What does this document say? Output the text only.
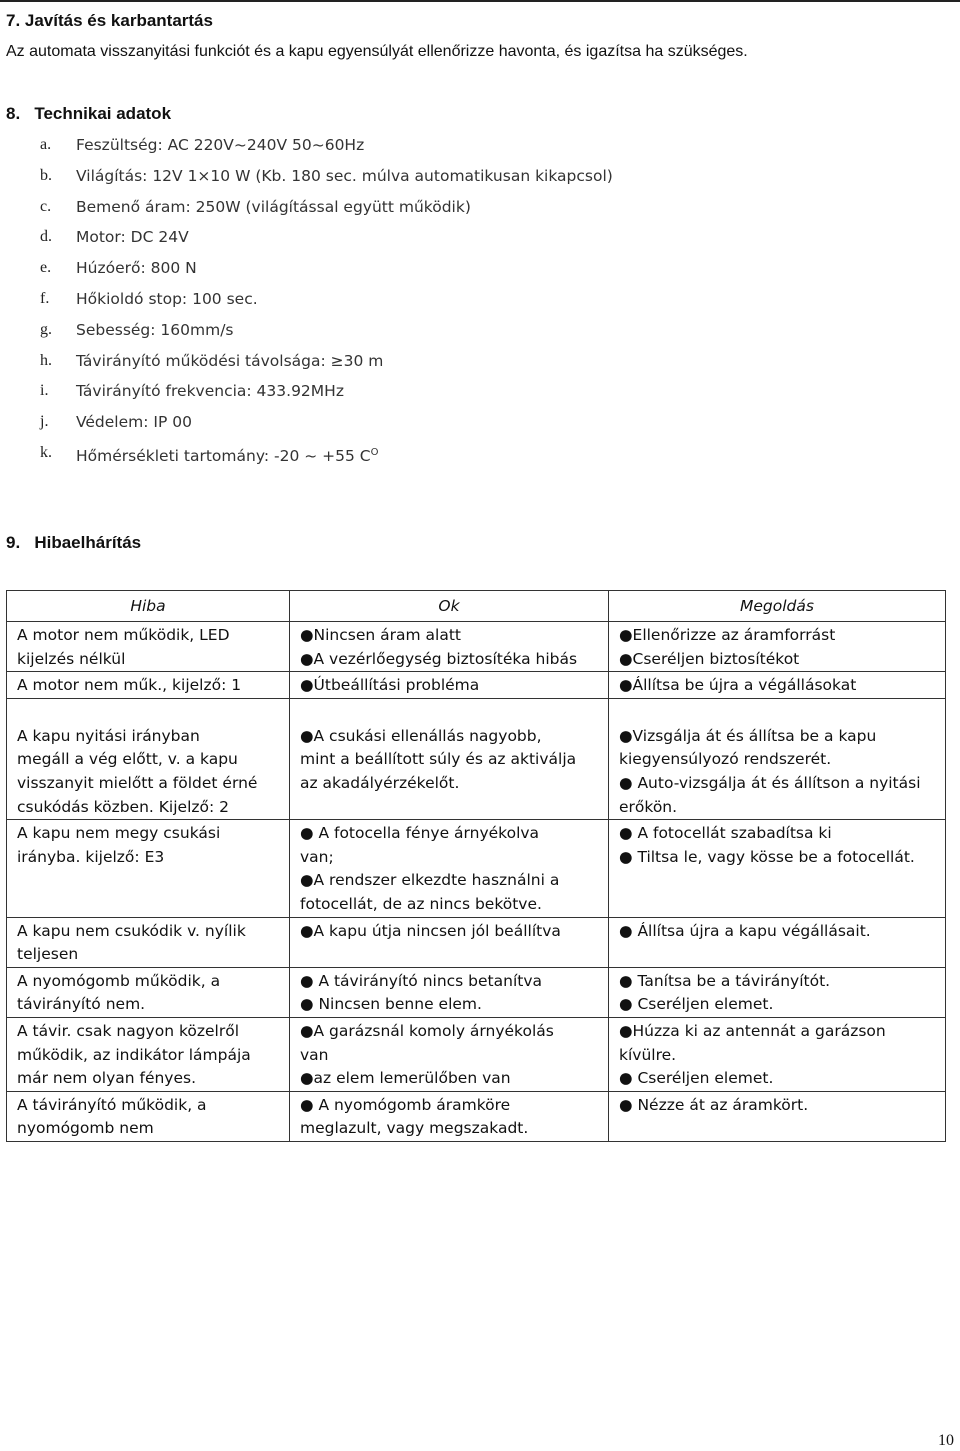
7. Javítás és karbantartás
Az automata visszanyitási funkciót és a kapu egyensúlyát ellenőrizze havonta, és igazítsa ha szükséges.
8.   Technikai adatok
a.	Feszültség: AC 220V~240V 50~60Hz
b.	Világítás: 12V 1×10 W (Kb. 180 sec. múlva automatikusan kikapcsol)
c.	Bemenő áram: 250W (világítással együtt működik)
d.	Motor: DC 24V
e.	Húzóerő: 800 N
f.	Hőkioldó stop: 100 sec.
g.	Sebesség: 160mm/s
h.	Távirányító működési távolsága: ≥30 m
i.	Távirányító frekvencia: 433.92MHz
j.	Védelem: IP 00
k.	Hőmérsékleti tartomány: -20 ~ +55 $C^O$
9.   Hibaelhárítás
Hiba	Ok	Megoldás

A motor nem működik, LED
kijelzés nélkül	●Nincsen áram alatt
●A vezérlőegység biztosítéka hibás	●Ellenőrizze az áramforrást
●Cseréljen biztosítékot

A motor nem műk., kijelző: 1	●Útbeállítási probléma	●Állítsa be újra a végállásokat

A kapu nyitási irányban
megáll a vég előtt, v. a kapu
visszanyit mielőtt a földet érné
csukódás közben. Kijelző: 2	●A csukási ellenállás nagyobb,
mint a beállított súly és az aktiválja
az akadályérzékelőt.	●Vizsgálja át és állítsa be a kapu
kiegyensúlyozó rendszerét.
● Auto-vizsgálja át és állítson a nyitási
erőkön.

A kapu nem megy csukási
irányba. kijelző: E3	● A fotocella fénye árnyékolva
van;
●A rendszer elkezdte használni a
fotocellát, de az nincs bekötve.	● A fotocellát szabadítsa ki
● Tiltsa le, vagy kösse be a fotocellát.

A kapu nem csukódik v. nyílik
teljesen	●A kapu útja nincsen jól beállítva	● Állítsa újra a kapu végállásait.

A nyomógomb működik, a
távirányító nem.	● A távirányító nincs betanítva
● Nincsen benne elem.	● Tanítsa be a távirányítót.
● Cseréljen elemet.

A távir. csak nagyon közelről
működik, az indikátor lámpája
már nem olyan fényes.	●A garázsnál komoly árnyékolás
van
●az elem lemerülőben van	●Húzza ki az antennát a garázson
kívülre.
● Cseréljen elemet.

A távirányító működik, a
nyomógomb nem	● A nyomógomb áramköre
meglazult, vagy megszakadt.	● Nézze át az áramkört.
10
